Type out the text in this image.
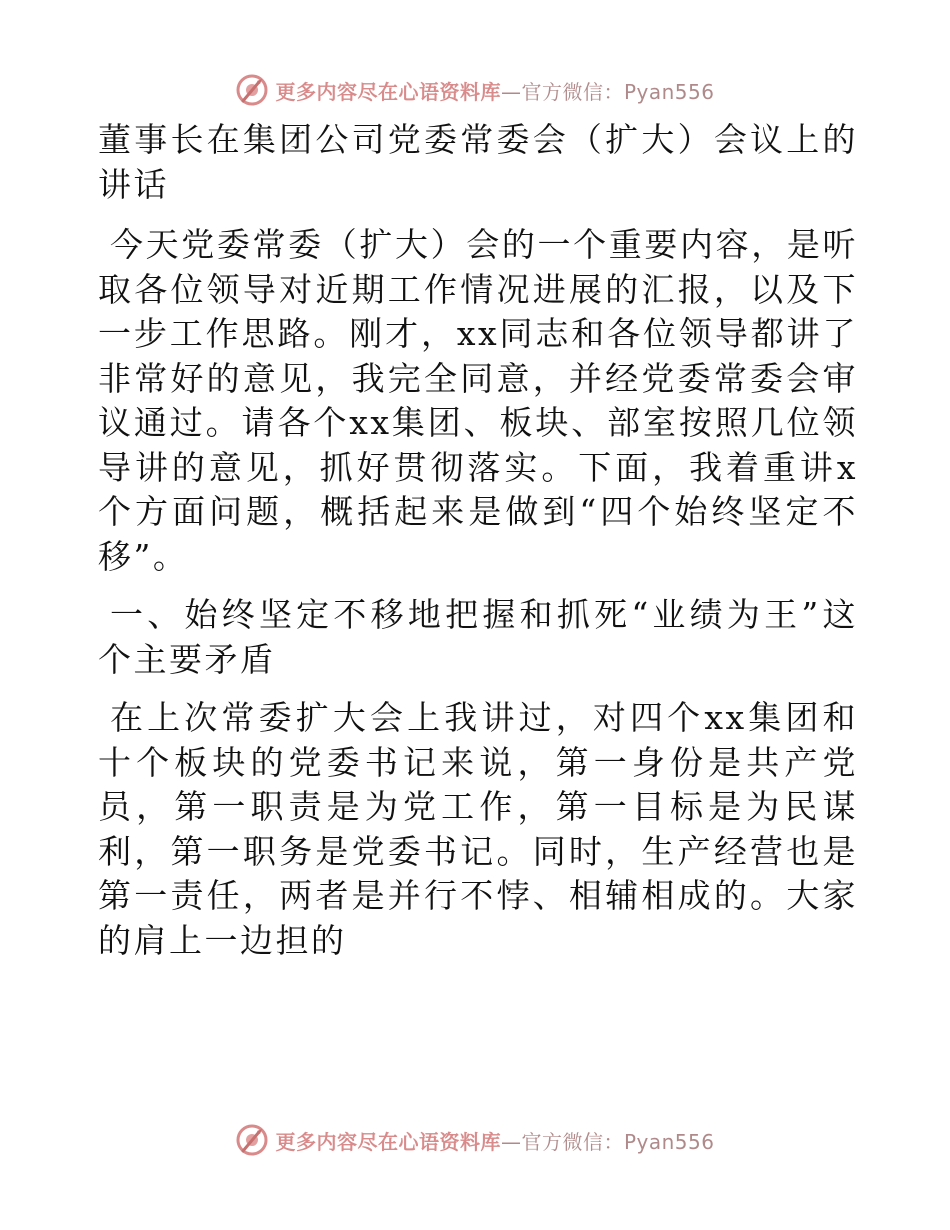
更多内容尽在心语资料库—官方微信：Pyan556

董事长在集团公司党委常委会（扩大）会议上的讲话

今天党委常委（扩大）会的一个重要内容，是听取各位领导对近期工作情况进展的汇报，以及下一步工作思路。刚才，xx同志和各位领导都讲了非常好的意见，我完全同意，并经党委常委会审议通过。请各个xx集团、板块、部室按照几位领导讲的意见，抓好贯彻落实。下面，我着重讲x个方面问题，概括起来是做到“四个始终坚定不移”。

一、始终坚定不移地把握和抓死“业绩为王”这个主要矛盾

在上次常委扩大会上我讲过，对四个xx集团和十个板块的党委书记来说，第一身份是共产党员，第一职责是为党工作，第一目标是为民谋利，第一职务是党委书记。同时，生产经营也是第一责任，两者是并行不悖、相辅相成的。大家的肩上一边担的

更多内容尽在心语资料库—官方微信：Pyan556
